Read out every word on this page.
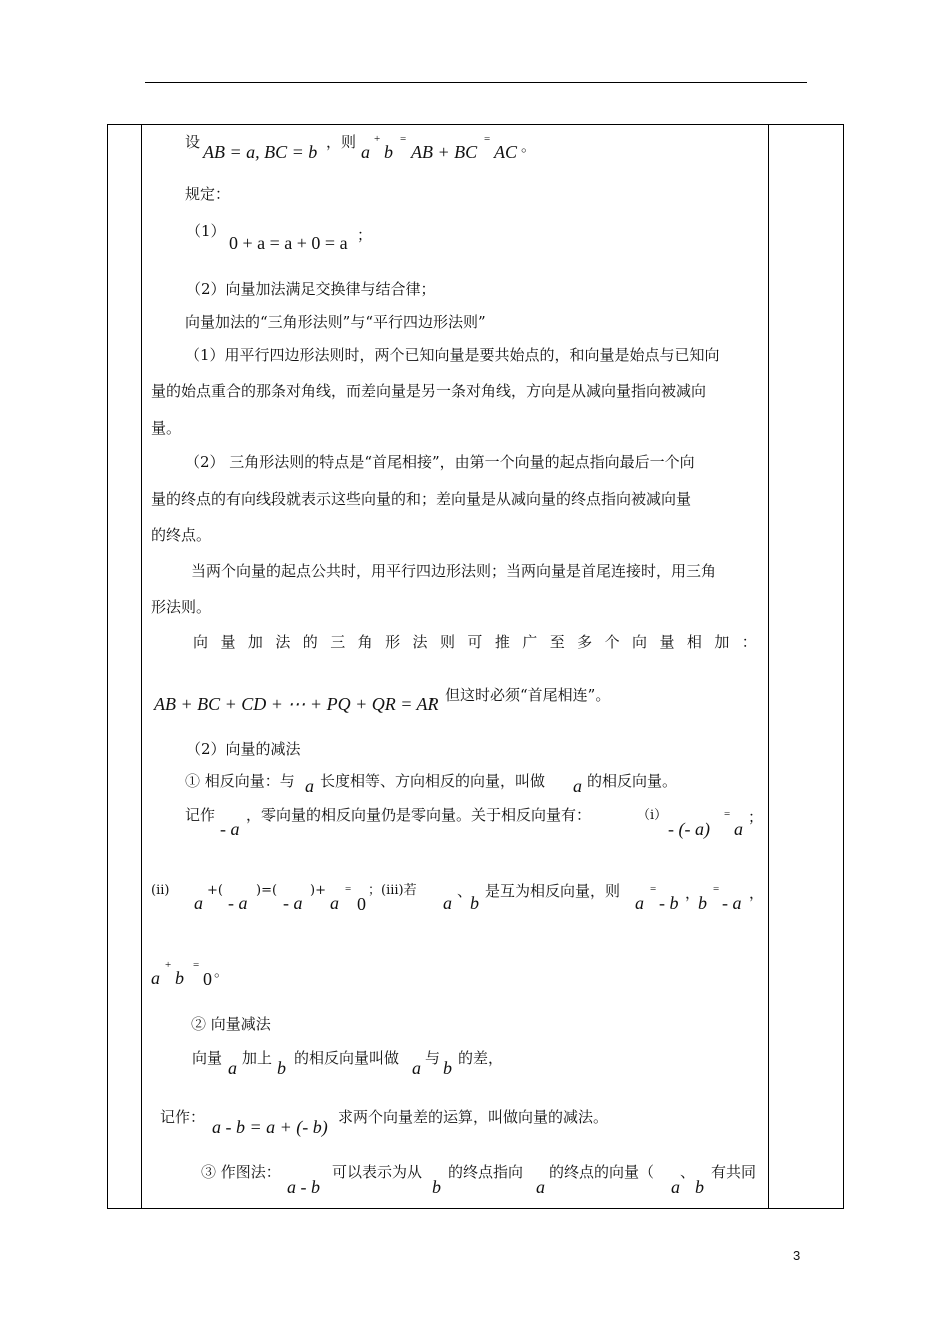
设 AB = a, BC = b ，则 a
+
b
=
AB + BC
=
AC 。
规定：
（1）
0 + a = a + 0 = a ；
（2）向量加法满足交换律与结合律；
向量加法的“三角形法则”与“平行四边形法则”
（1）用平行四边形法则时，两个已知向量是要共始点的，和向量是始点与已知向
量的始点重合的那条对角线，而差向量是另一条对角线，方向是从减向量指向被减向
量。
（2） 三角形法则的特点是“首尾相接”，由第一个向量的起点指向最后一个向
量的终点的有向线段就表示这些向量的和；差向量是从减向量的终点指向被减向量
的终点。
当两个向量的起点公共时，用平行四边形法则；当两向量是首尾连接时，用三角
形法则。
向 量 加 法 的 三 角 形 法 则 可 推 广 至 多 个 向 量 相 加 ：
AB + BC + CD + ⋯ + PQ + QR = AR
，但这时必须“首尾相连”。
（2）向量的减法
① 相反向量：与 a 长度相等、方向相反的向量，叫做 a 的相反向量。
记作
- a
，零向量的相反向量仍是零向量。关于相反向量有：	（i）
- (- a)
=
a
；
(ii)
a
+(
- a
)=(
- a
)+
a
=
0
；(iii)若
a
、
b
是互为相反向量，则
a
=
- b ，
b
=
- a ，
a
+
b
=
0 。
② 向量减法
向量 a 加上 b 的相反向量叫做 a 与 b 的差，
记作： a - b = a + (- b) 求两个向量差的运算，叫做向量的减法。
③ 作图法：
a - b
可以表示为从
b
的终点指向
a
的终点的向量（
a
、
b
有共同
3
